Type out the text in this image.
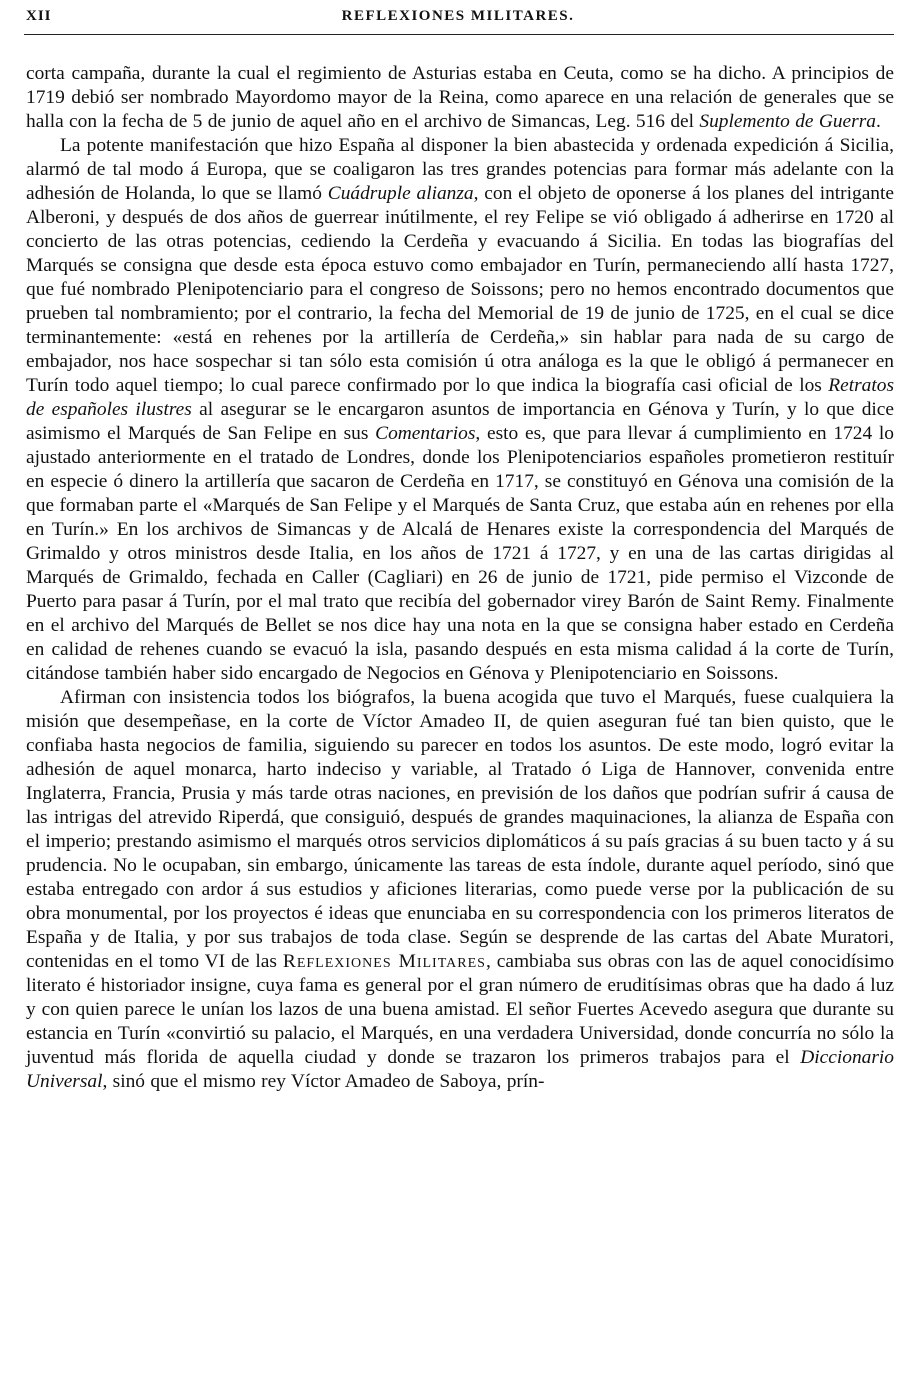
XII	REFLEXIONES MILITARES.

corta campaña, durante la cual el regimiento de Asturias estaba en Ceuta, como se ha dicho. A principios de 1719 debió ser nombrado Mayordomo mayor de la Reina, como aparece en una relación de generales que se halla con la fecha de 5 de junio de aquel año en el archivo de Simancas, Leg. 516 del Suplemento de Guerra.

La potente manifestación que hizo España al disponer la bien abastecida y ordenada expedición á Sicilia, alarmó de tal modo á Europa, que se coaligaron las tres grandes potencias para formar más adelante con la adhesión de Holanda, lo que se llamó Cuádruple alianza, con el objeto de oponerse á los planes del intrigante Alberoni, y después de dos años de guerrear inútilmente, el rey Felipe se vió obligado á adherirse en 1720 al concierto de las otras potencias, cediendo la Cerdeña y evacuando á Sicilia. En todas las biografías del Marqués se consigna que desde esta época estuvo como embajador en Turín, permaneciendo allí hasta 1727, que fué nombrado Plenipotenciario para el congreso de Soissons; pero no hemos encontrado documentos que prueben tal nombramiento; por el contrario, la fecha del Memorial de 19 de junio de 1725, en el cual se dice terminantemente: «está en rehenes por la artillería de Cerdeña,» sin hablar para nada de su cargo de embajador, nos hace sospechar si tan sólo esta comisión ú otra análoga es la que le obligó á permanecer en Turín todo aquel tiempo; lo cual parece confirmado por lo que indica la biografía casi oficial de los Retratos de españoles ilustres al asegurar se le encargaron asuntos de importancia en Génova y Turín, y lo que dice asimismo el Marqués de San Felipe en sus Comentarios, esto es, que para llevar á cumplimiento en 1724 lo ajustado anteriormente en el tratado de Londres, donde los Plenipotenciarios españoles prometieron restituír en especie ó dinero la artillería que sacaron de Cerdeña en 1717, se constituyó en Génova una comisión de la que formaban parte el «Marqués de San Felipe y el Marqués de Santa Cruz, que estaba aún en rehenes por ella en Turín.» En los archivos de Simancas y de Alcalá de Henares existe la correspondencia del Marqués de Grimaldo y otros ministros desde Italia, en los años de 1721 á 1727, y en una de las cartas dirigidas al Marqués de Grimaldo, fechada en Caller (Cagliari) en 26 de junio de 1721, pide permiso el Vizconde de Puerto para pasar á Turín, por el mal trato que recibía del gobernador virey Barón de Saint Remy. Finalmente en el archivo del Marqués de Bellet se nos dice hay una nota en la que se consigna haber estado en Cerdeña en calidad de rehenes cuando se evacuó la isla, pasando después en esta misma calidad á la corte de Turín, citándose también haber sido encargado de Negocios en Génova y Plenipotenciario en Soissons.

Afirman con insistencia todos los biógrafos, la buena acogida que tuvo el Marqués, fuese cualquiera la misión que desempeñase, en la corte de Víctor Amadeo II, de quien aseguran fué tan bien quisto, que le confiaba hasta negocios de familia, siguiendo su parecer en todos los asuntos. De este modo, logró evitar la adhesión de aquel monarca, harto indeciso y variable, al Tratado ó Liga de Hannover, convenida entre Inglaterra, Francia, Prusia y más tarde otras naciones, en previsión de los daños que podrían sufrir á causa de las intrigas del atrevido Riperdá, que consiguió, después de grandes maquinaciones, la alianza de España con el imperio; prestando asimismo el marqués otros servicios diplomáticos á su país gracias á su buen tacto y á su prudencia. No le ocupaban, sin embargo, únicamente las tareas de esta índole, durante aquel período, sinó que estaba entregado con ardor á sus estudios y aficiones literarias, como puede verse por la publicación de su obra monumental, por los proyectos é ideas que enunciaba en su correspondencia con los primeros literatos de España y de Italia, y por sus trabajos de toda clase. Según se desprende de las cartas del Abate Muratori, contenidas en el tomo VI de las Reflexiones Militares, cambiaba sus obras con las de aquel conocidísimo literato é historiador insigne, cuya fama es general por el gran número de eruditísimas obras que ha dado á luz y con quien parece le unían los lazos de una buena amistad. El señor Fuertes Acevedo asegura que durante su estancia en Turín «convirtió su palacio, el Marqués, en una verdadera Universidad, donde concurría no sólo la juventud más florida de aquella ciudad y donde se trazaron los primeros trabajos para el Diccionario Universal, sinó que el mismo rey Víctor Amadeo de Saboya, prín-
